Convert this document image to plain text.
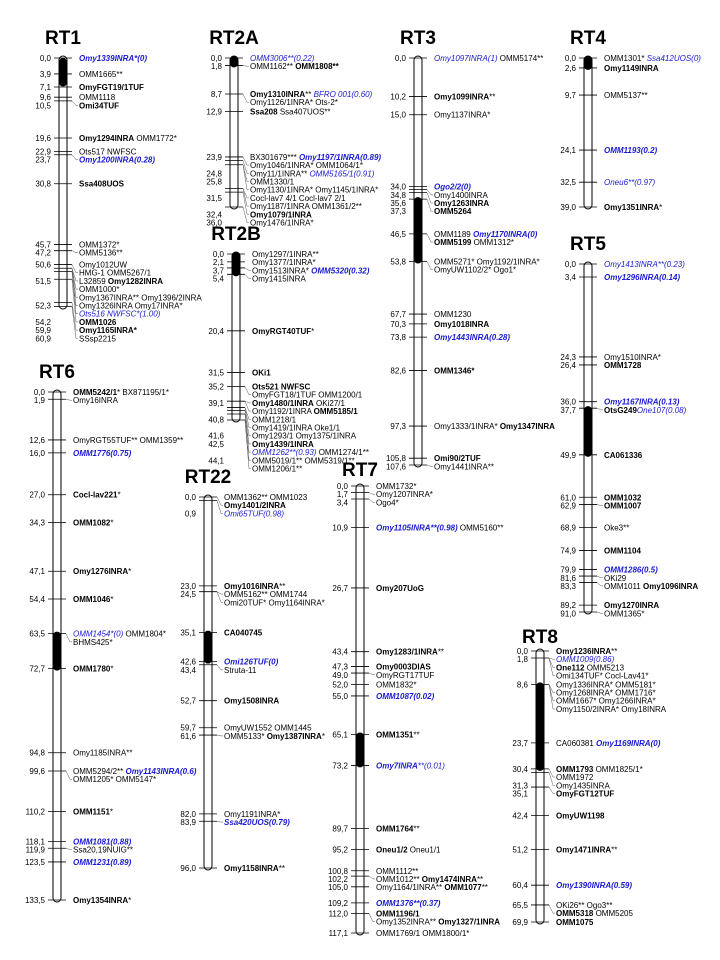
RT1
0,0	Omy1339INRA*(0)
3,9	OMM1665**
7,1	OmyFGT19/1TUF
9,6	OMM1118
10,5	Omi34TUF
19,6	Omy1294INRA OMM1772*
22,9	Ots517 NWFSC
23,7	Omy1200INRA(0.28)
30,8	Ssa408UOS
45,7	OMM1372*
47,2	OMM5136**
50,6	Omy1012UW
HMG-1 OMM5267/1
51,5	L32859 Omy1282INRA
OMM1000*
Omy1367INRA** Omy1396/2INRA
52,3	Omy1326INRA Omy17INRA*
Ots516 NWFSC*(1.00)
54,2	OMM1026
59,9	Omy1165INRA*
60,9	SSsp2215
RT2A
0,0	OMM3006**(0.22)
1,8	OMM1162** OMM1808**
8,7	Omy1310INRA** BFRO 001(0.60)
Omy1126/1INRA* Ots-2*
12,9	Ssa208 Ssa407UOS**
23,9	BX301679*** Omy1197/1INRA(0.89)
Omy1046/1INRA* OMM1064/1*
24,8	Omy11/1INRA** OMM5165/1(0.91)
25,8	OMM1330/1
Omy1130/1INRA* Omy1145/1INRA*
31,5	Cocl-lav7 4/1 Cocl-lav7 2/1
Omy1187/1INRA OMM1361/2**
32,4	Omy1079/1INRA
36,0	Omy1476/1INRA*
RT2B
0,0	Omy1297/1INRA**
2,1	Omy1377/1INRA*
3,7	Omy1513INRA* OMM5320(0.32)
5,4	Omy1415INRA
20,4	OmyRGT40TUF*
31,5	OKi1
35,2	Ots521 NWFSC
OmyFGT18/1TUF OMM1200/1
39,1	Omy1480/1INRA OKi27/1
Omy1192/1INRA OMM5185/1
40,8	OMM1218/1
Omy1419/1INRA Oke1/1
41,6	Omy1293/1 Omy1375/1INRA
42,5	Omy1439/1INRA
OMM1262**(0.93) OMM1274/1**
44,1	OMM5019/1** OMM5319/1**
OMM1206/1**
RT3
0,0	Omy1097INRA(1) OMM5174**
10,2	Omy1099INRA**
15,0	Omy1137INRA*
34,0	Ogo2/2(0)
34,8	Omy1400INRA
35,6	Omy1263INRA
37,3	OMM5264
46,5	OMM1189 Omy1170INRA(0)
OMM5199 OMM1312*
53,8	OMM5271* Omy1192/1INRA*
OmyUW1102/2* Ogo1*
67,7	OMM1230
70,3	Omy1018INRA
73,8	Omy1443INRA(0.28)
82,6	OMM1346*
97,3	Omy1333/1INRA* Omy1347INRA
105,8	Omi90/2TUF
107,6	Omy1441INRA**
RT4
0,0	OMM1301* Ssa412UOS(0)
2,6	Omy1149INRA
9,7	OMM5137**
24,1	OMM1193(0.2)
32,5	Oneu6**(0.97)
39,0	Omy1351INRA*
RT5
0,0	Omy1413INRA**(0.23)
3,4	Omy1296INRA(0.14)
24,3	Omy1510INRA*
26,4	OMM1728
36,0	Omy1167INRA(0.13)
37,7	OtsG249One107(0.08)
49,9	CA061336
61,0	OMM1032
62,9	OMM1007
68,9	Oke3**
74,9	OMM1104
79,9	OMM1286(0.5)
81,6	OKi29
83,3	OMM1011 Omy1096INRA
89,2	Omy1270INRA
91,0	OMM1365*
RT6
0,0	OMM5242/1* BX871195/1*
1,9	Omy16INRA
12,6	OmyRGT55TUF** OMM1359**
16,0	OMM1776(0.75)
27,0	Cocl-lav221*
34,3	OMM1082*
47,1	Omy1276INRA*
54,4	OMM1046*
63,5	OMM1454*(0) OMM1804*
BHMS425*
72,7	OMM1780*
94,8	Omy1185INRA**
99,6	OMM5294/2** Omy1143INRA(0.6)
OMM1205* OMM5147*
110,2	OMM1151*
118,1	OMM1081(0.88)
119,9	Ssa20,19NUIG**
123,5	OMM1231(0.89)
133,5	Omy1354INRA*
RT22
0,0	OMM1362** OMM1023
Omy1401/2INRA
0,9	Omi65TUF(0.98)
23,0	Omy1016INRA**
24,5	OMM5162** OMM1744
Omi20TUF* Omy1164INRA*
35,1	CA040745
42,6	Omi126TUF(0)
43,4	Struta-11
52,7	Omy1508INRA
59,7	OmyUW1552 OMM1445
61,6	OMM5133* Omy1387INRA*
82,0	Omy1191INRA*
83,9	Ssa420UOS(0.79)
96,0	Omy1158INRA**
RT7
0,0	OMM1732*
1,7	Omy1207INRA*
3,4	Ogo4*
10,9	Omy1105INRA**(0.98) OMM5160**
26,7	Omy207UoG
43,4	Omy1283/1INRA**
47,3	Omy0003DIAS
49,0	OmyRGT17TUF
52,0	OMM1832*
55,0	OMM1087(0.02)
65,1	OMM1351**
73,2	Omy7INRA**(0.01)
89,7	OMM1764**
95,2	Oneu1/2 Oneu1/1
100,8	OMM1112**
102,2	OMM1012** Omy1474INRA**
105,0	Omy1164/1INRA** OMM1077**
109,2	OMM1376**(0.37)
112,0	OMM1196/1
Omy1352INRA** Omy1327/1INRA
117,1	OMM1769/1 OMM1800/1*
RT8
0,0	Omy1236INRA**
1,8	OMM1009(0.86)
One112 OMM5213
Omi134TUF* Cocl-Lav41*
8,6	Omy1336INRA* OMM5181*
Omy1268INRA* OMM1716*
OMM1667* Omy1266INRA*
Omy1150/2INRA* Omy18INRA
23,7	CA060381 Omy1169INRA(0)
30,4	OMM1793 OMM1825/1*
OMM1972
31,3	Omy1435INRA
35,1	OmyFGT12TUF
42,4	OmyUW1198
51,2	Omy1471INRA**
60,4	Omy1390INRA(0.59)
65,5	OKi26** Ogo3**
OMM5318 OMM5205
69,9	OMM1075
